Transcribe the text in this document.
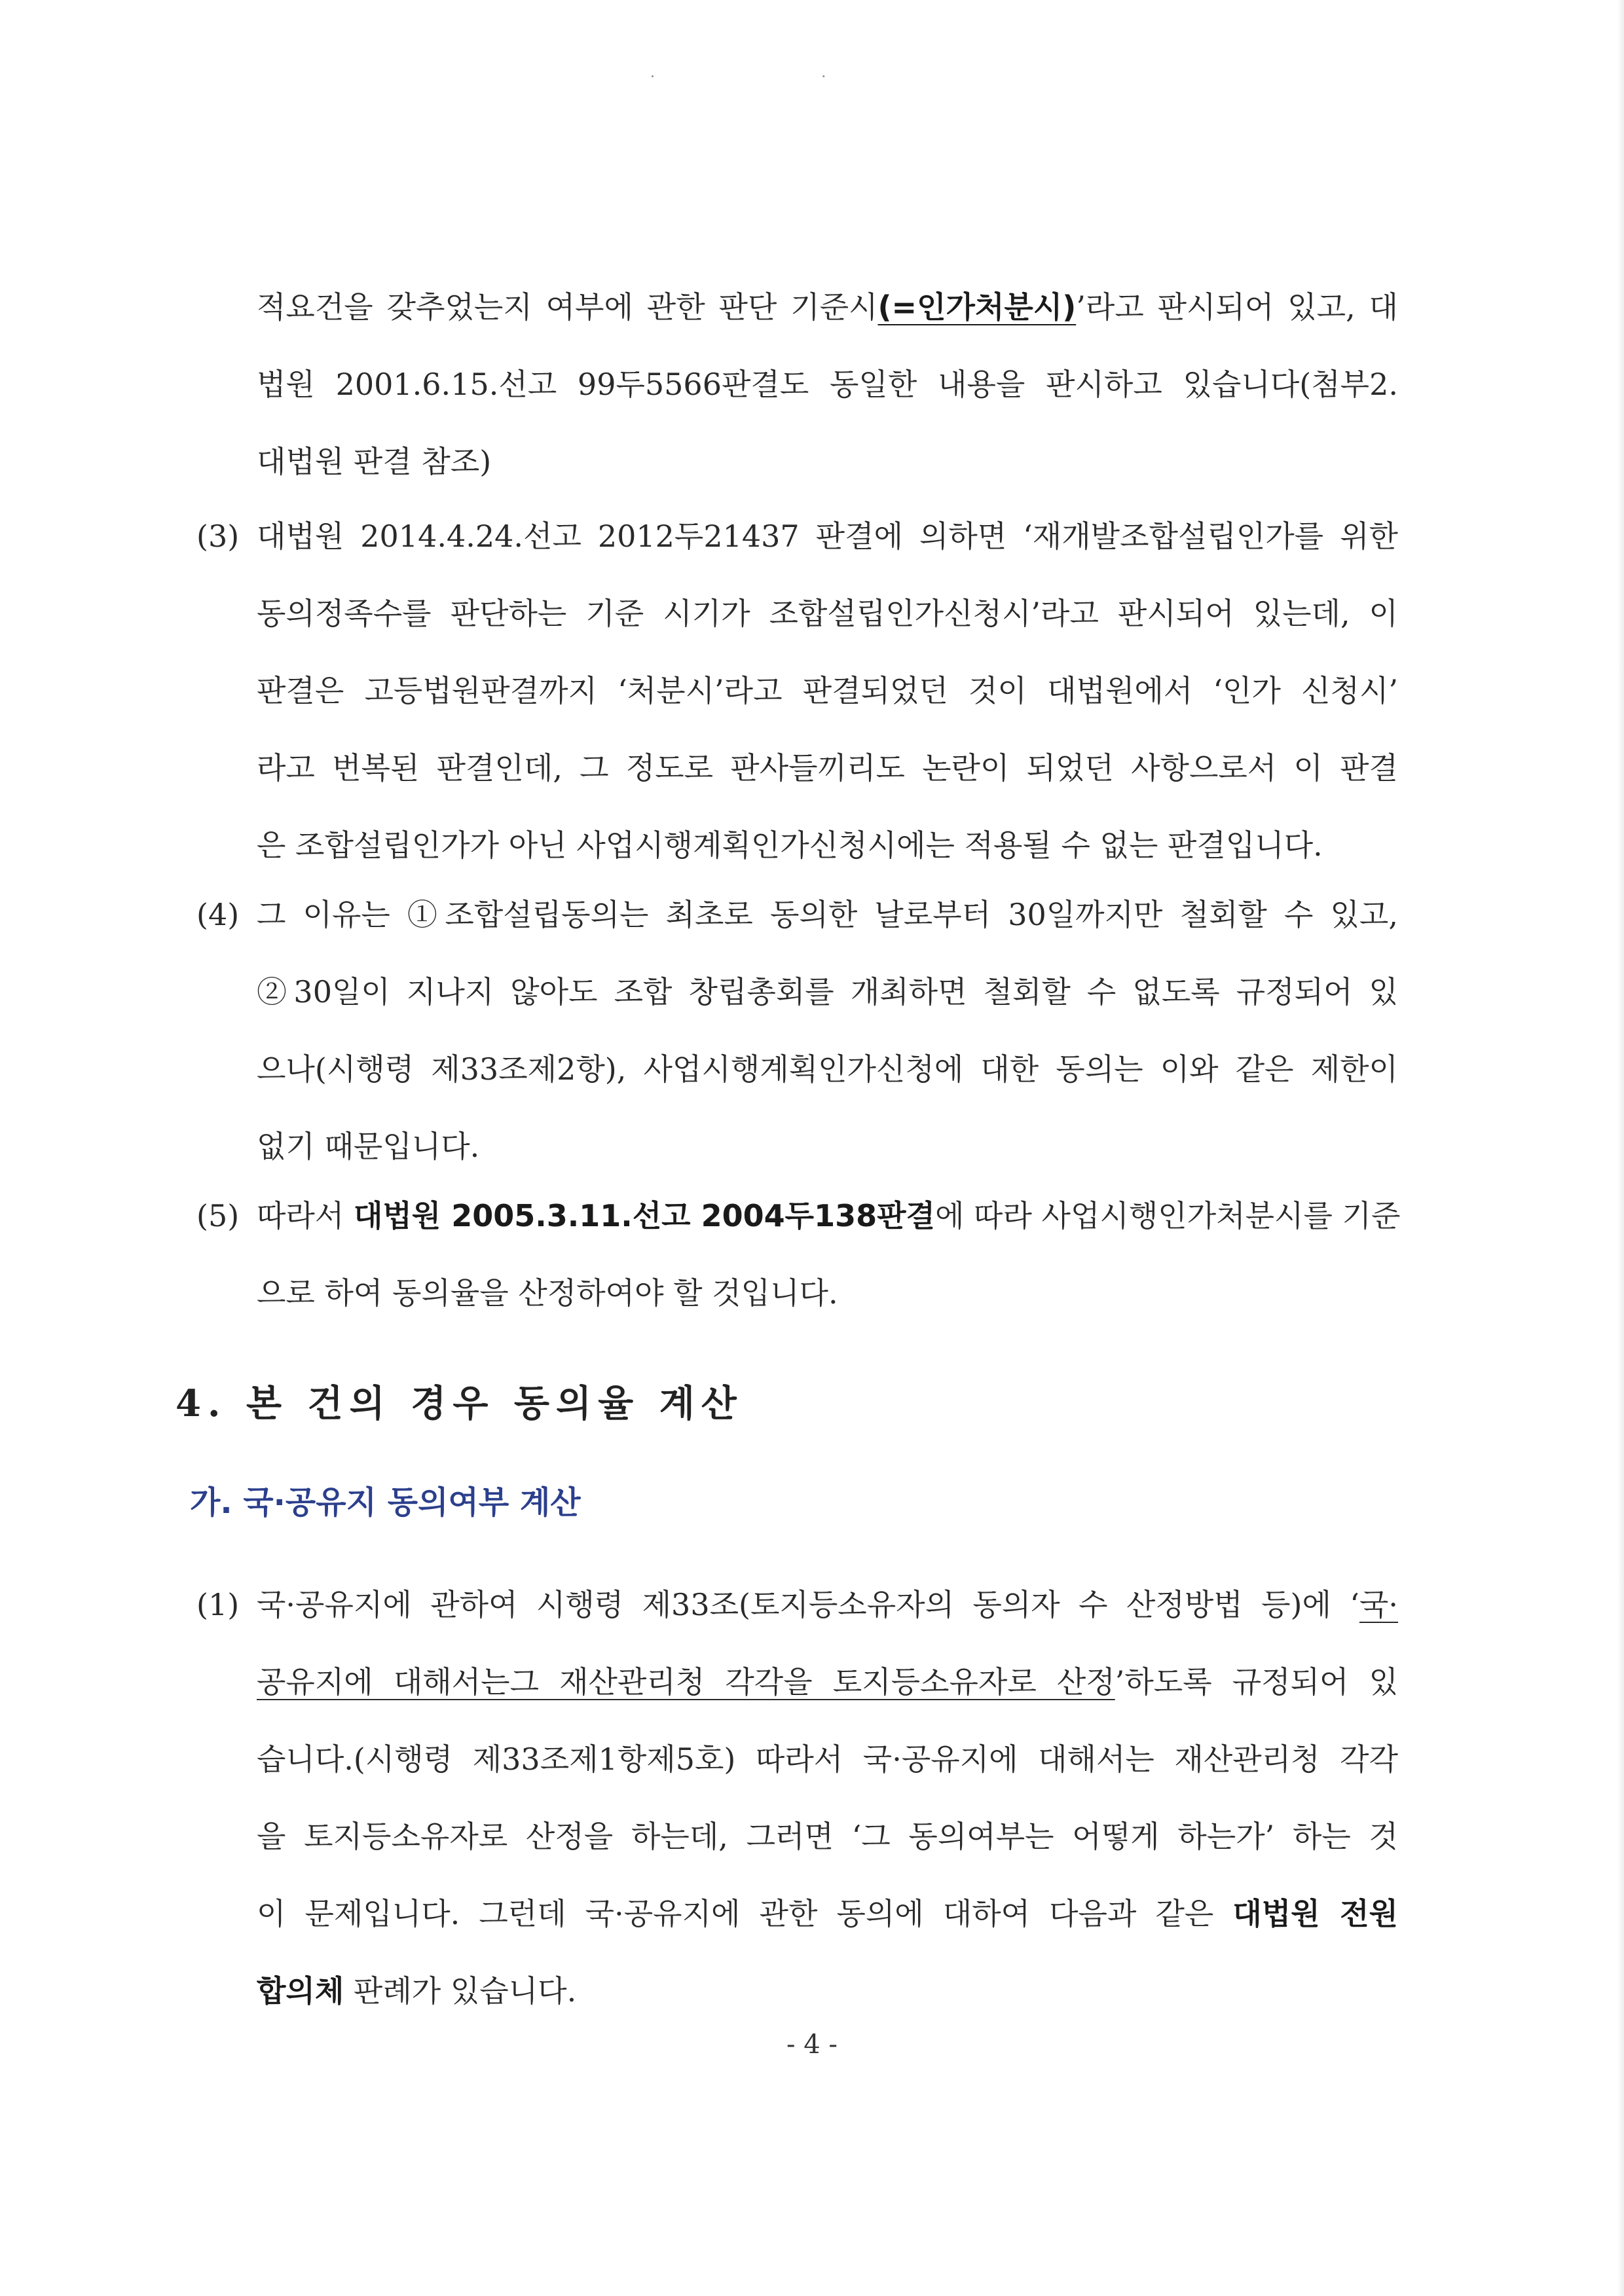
˙ ˙
적요건을 갖추었는지 여부에 관한 판단 기준시(=인가처분시)’라고 판시되어 있고, 대
법원 2001.6.15.선고 99두5566판결도 동일한 내용을 판시하고 있습니다(첨부2.
대법원 판결 참조)
(3) 대법원 2014.4.24.선고 2012두21437 판결에 의하면 ‘재개발조합설립인가를 위한
동의정족수를 판단하는 기준 시기가 조합설립인가신청시’라고 판시되어 있는데, 이
판결은 고등법원판결까지 ‘처분시’라고 판결되었던 것이 대법원에서 ‘인가 신청시’
라고 번복된 판결인데, 그 정도로 판사들끼리도 논란이 되었던 사항으로서 이 판결
은 조합설립인가가 아닌 사업시행계획인가신청시에는 적용될 수 없는 판결입니다.
(4) 그 이유는 ①조합설립동의는 최초로 동의한 날로부터 30일까지만 철회할 수 있고,
②30일이 지나지 않아도 조합 창립총회를 개최하면 철회할 수 없도록 규정되어 있
으나(시행령 제33조제2항), 사업시행계획인가신청에 대한 동의는 이와 같은 제한이
없기 때문입니다.
(5) 따라서 대법원 2005.3.11.선고 2004두138판결에 따라 사업시행인가처분시를 기준
으로 하여 동의율을 산정하여야 할 것입니다.
4. 본 건의 경우 동의율 계산
가. 국·공유지 동의여부 계산
(1) 국·공유지에 관하여 시행령 제33조(토지등소유자의 동의자 수 산정방법 등)에 ‘국·
공유지에 대해서는그 재산관리청 각각을 토지등소유자로 산정’하도록 규정되어 있
습니다.(시행령 제33조제1항제5호) 따라서 국·공유지에 대해서는 재산관리청 각각
을 토지등소유자로 산정을 하는데, 그러면 ‘그 동의여부는 어떻게 하는가’ 하는 것
이 문제입니다. 그런데 국·공유지에 관한 동의에 대하여 다음과 같은 대법원 전원
합의체 판례가 있습니다.
- 4 -
